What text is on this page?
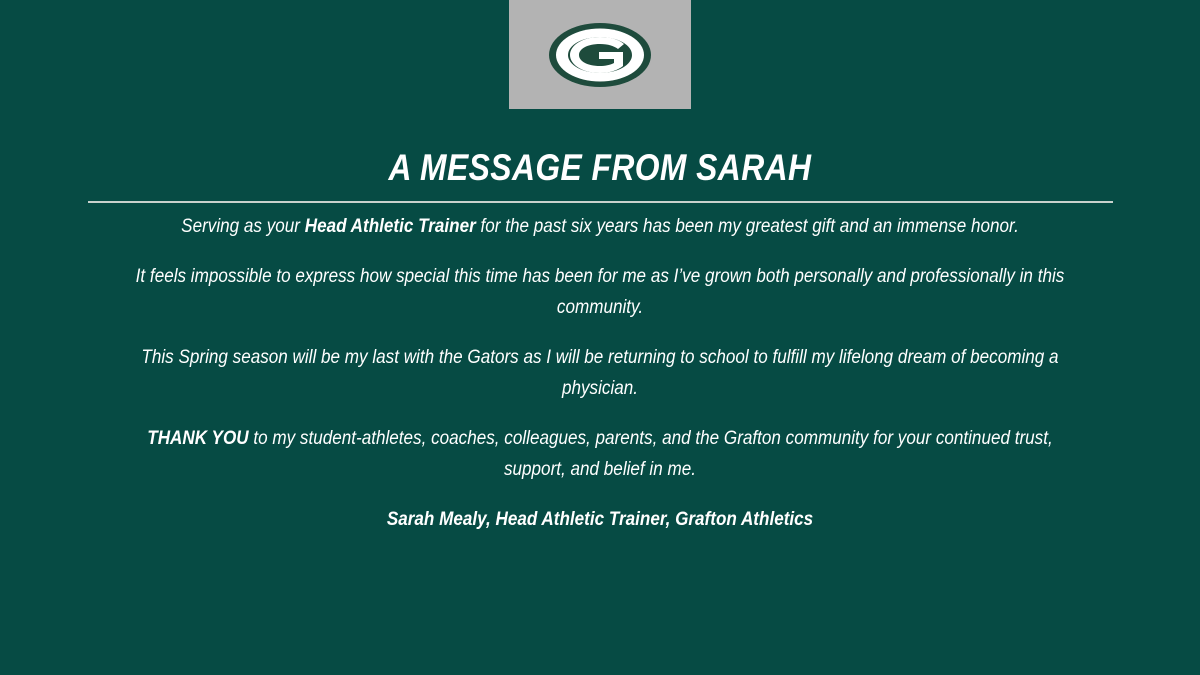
A MESSAGE FROM SARAH

Serving as your Head Athletic Trainer for the past six years has been my greatest gift and an immense honor.

It feels impossible to express how special this time has been for me as I’ve grown both personally and professionally in this community.

This Spring season will be my last with the Gators as I will be returning to school to fulfill my lifelong dream of becoming a physician.

THANK YOU to my student-athletes, coaches, colleagues, parents, and the Grafton community for your continued trust, support, and belief in me.

Sarah Mealy, Head Athletic Trainer, Grafton Athletics
